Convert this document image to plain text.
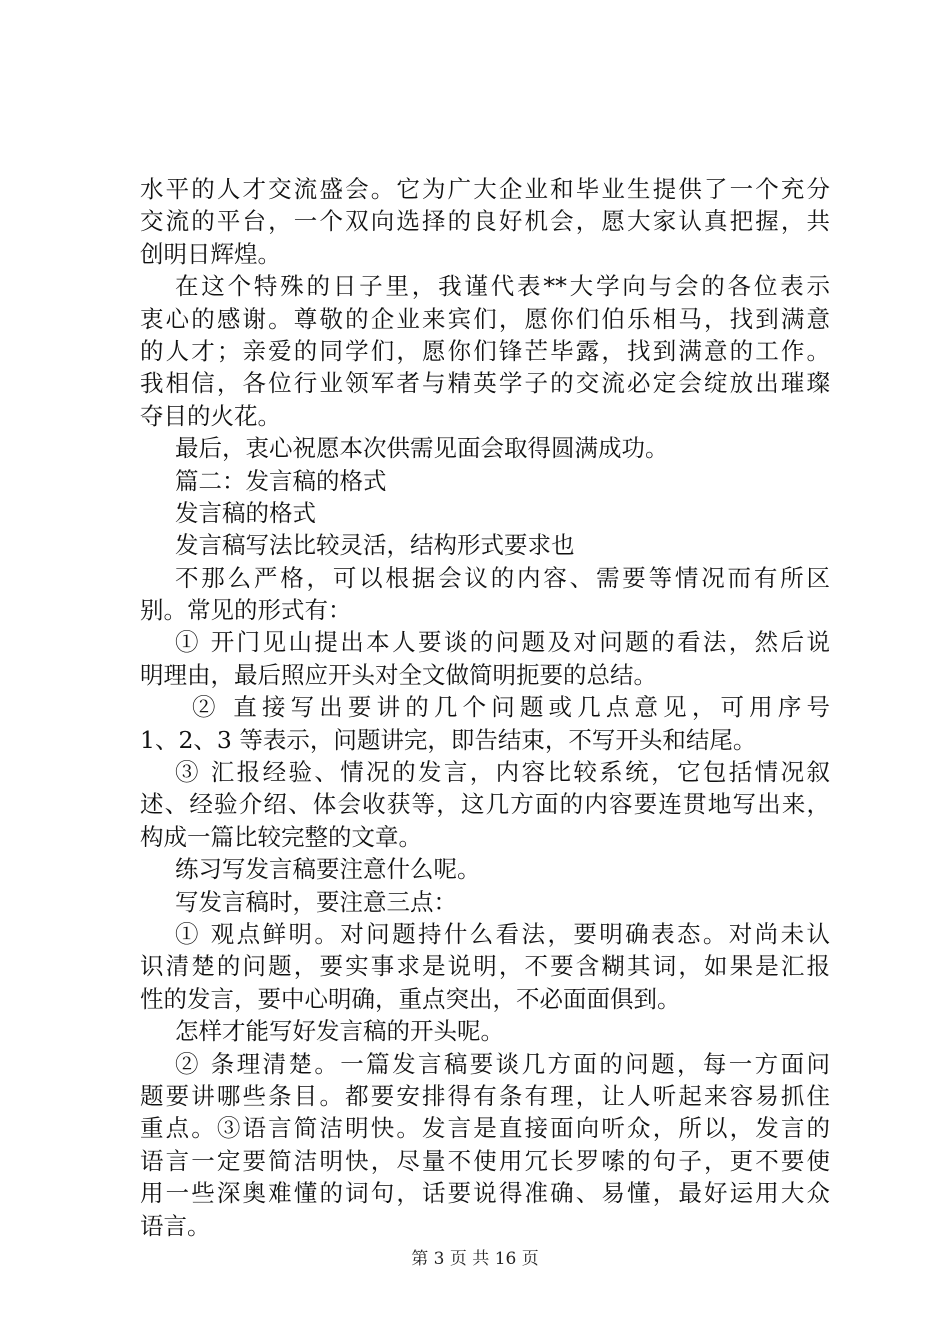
水平的人才交流盛会。它为广大企业和毕业生提供了一个充分
交流的平台，一个双向选择的良好机会，愿大家认真把握，共
创明日辉煌。
在这个特殊的日子里，我谨代表**大学向与会的各位表示
衷心的感谢。尊敬的企业来宾们，愿你们伯乐相马，找到满意
的人才；亲爱的同学们，愿你们锋芒毕露，找到满意的工作。
我相信，各位行业领军者与精英学子的交流必定会绽放出璀璨
夺目的火花。
最后，衷心祝愿本次供需见面会取得圆满成功。
篇二：发言稿的格式
发言稿的格式
发言稿写法比较灵活，结构形式要求也
不那么严格，可以根据会议的内容、需要等情况而有所区
别。常见的形式有：
① 开门见山提出本人要谈的问题及对问题的看法，然后说
明理由，最后照应开头对全文做简明扼要的总结。
② 直接写出要讲的几个问题或几点意见，可用序号
1、2、3 等表示，问题讲完，即告结束，不写开头和结尾。
③ 汇报经验、情况的发言，内容比较系统，它包括情况叙
述、经验介绍、体会收获等，这几方面的内容要连贯地写出来，
构成一篇比较完整的文章。
练习写发言稿要注意什么呢。
写发言稿时，要注意三点：
① 观点鲜明。对问题持什么看法，要明确表态。对尚未认
识清楚的问题，要实事求是说明，不要含糊其词，如果是汇报
性的发言，要中心明确，重点突出，不必面面俱到。
怎样才能写好发言稿的开头呢。
② 条理清楚。一篇发言稿要谈几方面的问题，每一方面问
题要讲哪些条目。都要安排得有条有理，让人听起来容易抓住
重点。③语言简洁明快。发言是直接面向听众，所以，发言的
语言一定要简洁明快，尽量不使用冗长罗嗦的句子，更不要使
用一些深奥难懂的词句，话要说得准确、易懂，最好运用大众
语言。
第 3 页 共 16 页
